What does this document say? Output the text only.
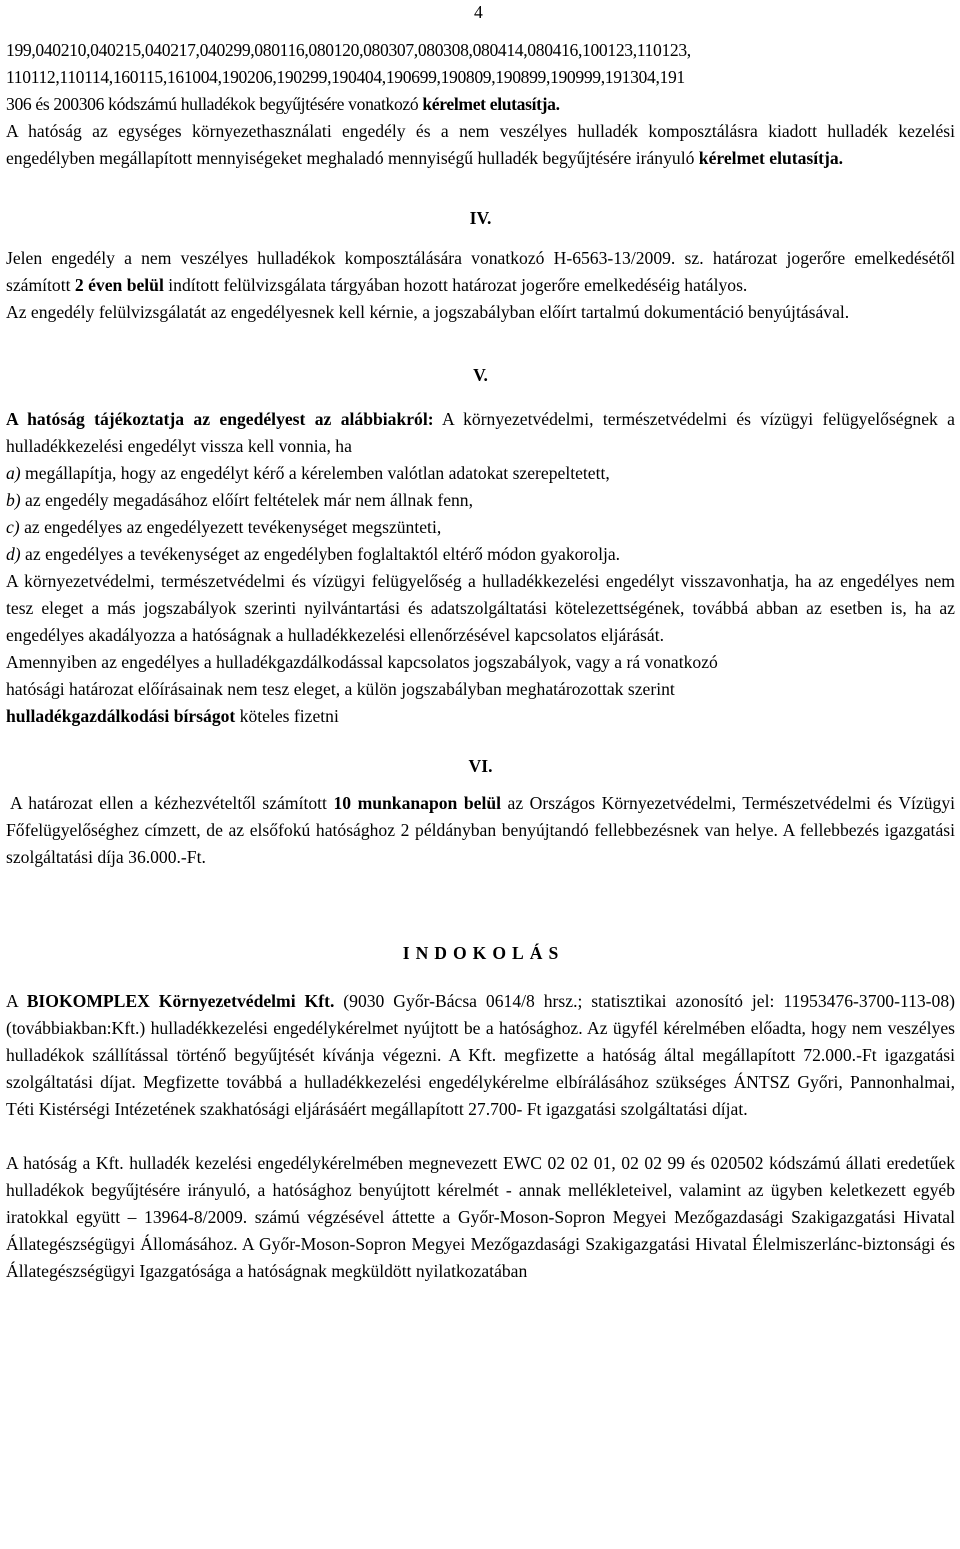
4
199,040210,040215,040217,040299,080116,080120,080307,080308,080414,080416,100123,110123,
110112,110114,160115,161004,190206,190299,190404,190699,190809,190899,190999,191304,191
306 és 200306 kódszámú hulladékok begyűjtésére vonatkozó kérelmet elutasítja.

A hatóság az egységes környezethasználati engedély és a nem veszélyes hulladék komposztálásra kiadott hulladék kezelési engedélyben megállapított mennyiségeket meghaladó mennyiségű hulladék begyűjtésére irányuló kérelmet elutasítja.

IV.

Jelen engedély a nem veszélyes hulladékok komposztálására vonatkozó H-6563-13/2009. sz. határozat jogerőre emelkedésétől számított 2 éven belül indított felülvizsgálata tárgyában hozott határozat jogerőre emelkedéséig hatályos.

Az engedély felülvizsgálatát az engedélyesnek kell kérnie, a jogszabályban előírt tartalmú dokumentáció benyújtásával.

V.

A hatóság tájékoztatja az engedélyest az alábbiakról: A környezetvédelmi, természetvédelmi és vízügyi felügyelőségnek a hulladékkezelési engedélyt vissza kell vonnia, ha

a) megállapítja, hogy az engedélyt kérő a kérelemben valótlan adatokat szerepeltetett,
b) az engedély megadásához előírt feltételek már nem állnak fenn,
c) az engedélyes az engedélyezett tevékenységet megszünteti,
d) az engedélyes a tevékenységet az engedélyben foglaltaktól eltérő módon gyakorolja.

A környezetvédelmi, természetvédelmi és vízügyi felügyelőség a hulladékkezelési engedélyt visszavonhatja, ha az engedélyes nem tesz eleget a más jogszabályok szerinti nyilvántartási és adatszolgáltatási kötelezettségének, továbbá abban az esetben is, ha az engedélyes akadályozza a hatóságnak a hulladékkezelési ellenőrzésével kapcsolatos eljárását.

Amennyiben az engedélyes a hulladékgazdálkodással kapcsolatos jogszabályok, vagy a rá vonatkozó
hatósági határozat előírásainak nem tesz eleget, a külön jogszabályban meghatározottak szerint
hulladékgazdálkodási bírságot köteles fizetni
VI.

A határozat ellen a kézhezvételtől számított 10 munkanapon belül az Országos Környezetvédelmi, Természetvédelmi és Vízügyi Főfelügyelőséghez címzett, de az elsőfokú hatósághoz 2 példányban benyújtandó fellebbezésnek van helye. A fellebbezés igazgatási szolgáltatási díja 36.000.-Ft.

INDOKOLÁS

A BIOKOMPLEX Környezetvédelmi Kft. (9030 Győr-Bácsa 0614/8 hrsz.; statisztikai azonosító jel: 11953476-3700-113-08) (továbbiakban:Kft.) hulladékkezelési engedélykérelmet nyújtott be a hatósághoz. Az ügyfél kérelmében előadta, hogy nem veszélyes hulladékok szállítással történő begyűjtését kívánja végezni. A Kft. megfizette a hatóság által megállapított 72.000.-Ft igazgatási szolgáltatási díjat. Megfizette továbbá a hulladékkezelési engedélykérelme elbírálásához szükséges ÁNTSZ Győri, Pannonhalmai, Téti Kistérségi Intézetének szakhatósági eljárásáért megállapított 27.700- Ft igazgatási szolgáltatási díjat.

A hatóság a Kft. hulladék kezelési engedélykérelmében megnevezett EWC 02 02 01, 02 02 99 és 020502 kódszámú állati eredetűek hulladékok begyűjtésére irányuló, a hatósághoz benyújtott kérelmét - annak mellékleteivel, valamint az ügyben keletkezett egyéb iratokkal együtt – 13964-8/2009. számú végzésével áttette a Győr-Moson-Sopron Megyei Mezőgazdasági Szakigazgatási Hivatal Állategészségügyi Állomásához. A Győr-Moson-Sopron Megyei Mezőgazdasági Szakigazgatási Hivatal Élelmiszerlánc-biztonsági és Állategészségügyi Igazgatósága a hatóságnak megküldött nyilatkozatában
